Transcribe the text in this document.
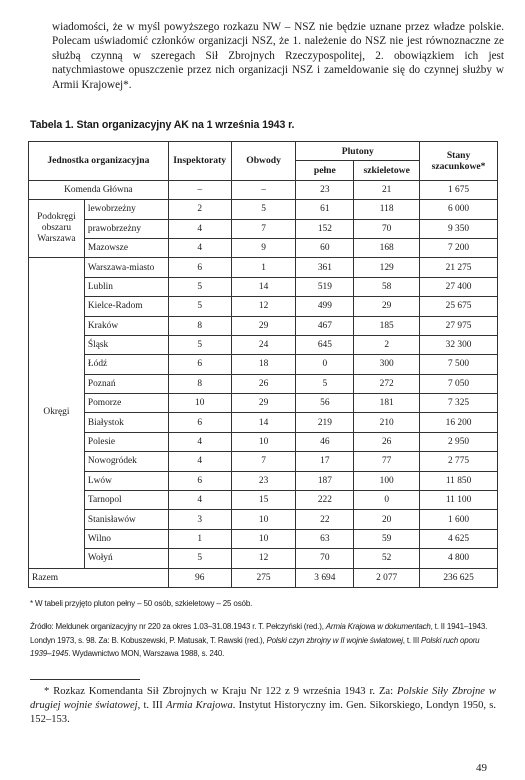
wiadomości, że w myśl powyższego rozkazu NW – NSZ nie będzie uznane przez władze polskie. Polecam uświadomić członków organizacji NSZ, że 1. należenie do NSZ nie jest równoznaczne ze służbą czynną w szeregach Sił Zbrojnych Rzeczypospolitej, 2. obowiązkiem ich jest natychmiastowe opuszczenie przez nich organizacji NSZ i zameldowanie się do czynnej służby w Armii Krajowej*.

Tabela 1. Stan organizacyjny AK na 1 września 1943 r.

Jednostka organizacyjna		Inspektoraty	Obwody	Plutony		Stany szacunkowe*
				pełne	szkieletowe	
Komenda Główna		–	–	23	21	1 675
Podokręgi obszaru Warszawa	lewobrzeżny	2	5	61	118	6 000
	prawobrzeżny	4	7	152	70	9 350
	Mazowsze	4	9	60	168	7 200
Okręgi	Warszawa-miasto	6	1	361	129	21 275
	Lublin	5	14	519	58	27 400
	Kielce-Radom	5	12	499	29	25 675
	Kraków	8	29	467	185	27 975
	Śląsk	5	24	645	2	32 300
	Łódź	6	18	0	300	7 500
	Poznań	8	26	5	272	7 050
	Pomorze	10	29	56	181	7 325
	Białystok	6	14	219	210	16 200
	Polesie	4	10	46	26	2 950
	Nowogródek	4	7	17	77	2 775
	Lwów	6	23	187	100	11 850
	Tarnopol	4	15	222	0	11 100
	Stanisławów	3	10	22	20	1 600
	Wilno	1	10	63	59	4 625
	Wołyń	5	12	70	52	4 800
Razem		96	275	3 694	2 077	236 625

* W tabeli przyjęto pluton pełny – 50 osób, szkieletowy – 25 osób.

Źródło: Meldunek organizacyjny nr 220 za okres 1.03–31.08.1943 r. T. Pełczyński (red.), Armia Krajowa w dokumentach, t. II 1941–1943. Londyn 1973, s. 98. Za: B. Kobuszewski, P. Matusak, T. Rawski (red.), Polski czyn zbrojny w II wojnie światowej, t. III Polski ruch oporu 1939–1945. Wydawnictwo MON, Warszawa 1988, s. 240.

* Rozkaz Komendanta Sił Zbrojnych w Kraju Nr 122 z 9 września 1943 r. Za: Polskie Siły Zbrojne w drugiej wojnie światowej, t. III Armia Krajowa. Instytut Historyczny im. Gen. Sikorskiego, Londyn 1950, s. 152–153.

49
